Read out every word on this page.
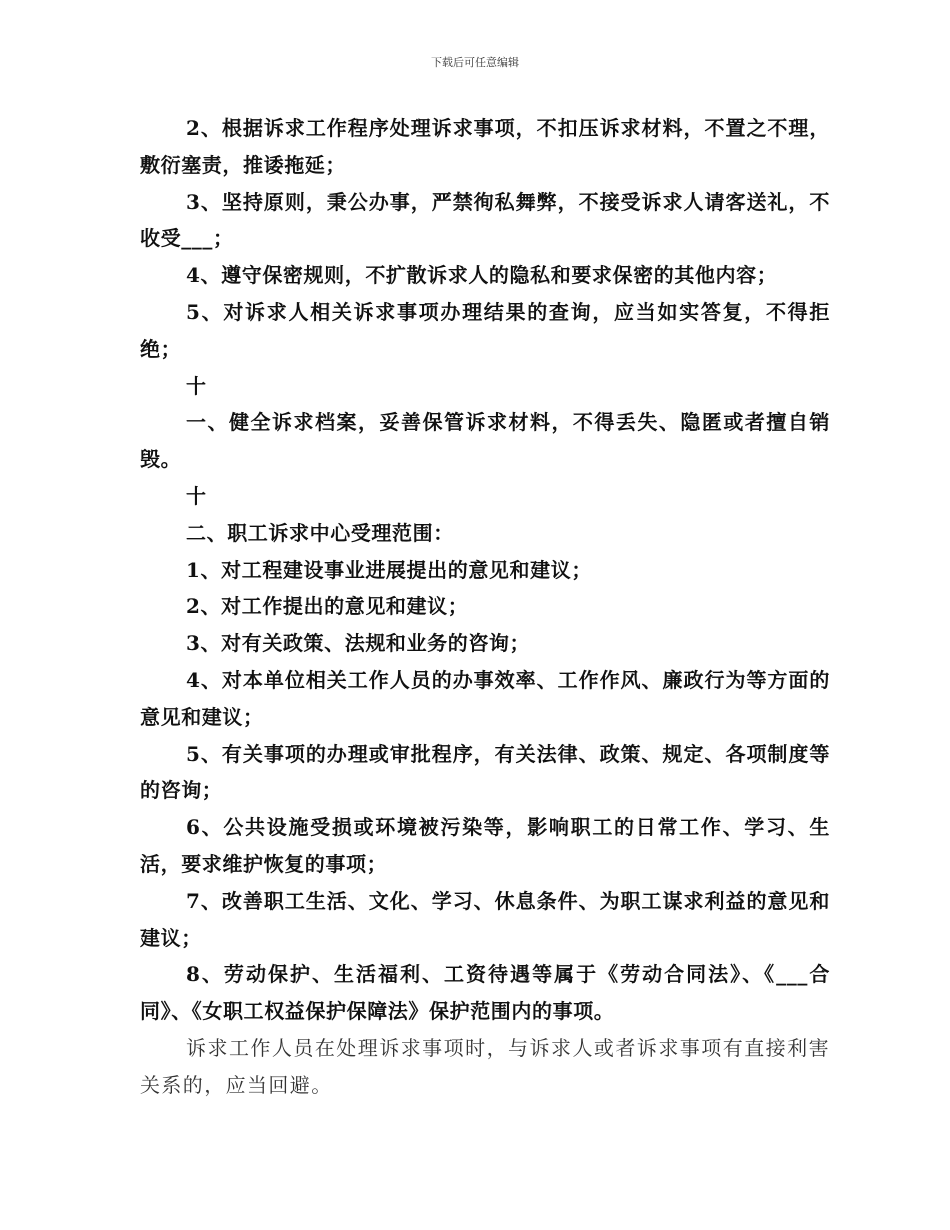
下载后可任意编辑

2、根据诉求工作程序处理诉求事项，不扣压诉求材料，不置之不理，敷衍塞责，推诿拖延；

3、坚持原则，秉公办事，严禁徇私舞弊，不接受诉求人请客送礼，不收受___；

4、遵守保密规则，不扩散诉求人的隐私和要求保密的其他内容；

5、对诉求人相关诉求事项办理结果的查询，应当如实答复，不得拒绝；

十

一、健全诉求档案，妥善保管诉求材料，不得丢失、隐匿或者擅自销毁。

十

二、职工诉求中心受理范围：

1、对工程建设事业进展提出的意见和建议；

2、对工作提出的意见和建议；

3、对有关政策、法规和业务的咨询；

4、对本单位相关工作人员的办事效率、工作作风、廉政行为等方面的意见和建议；

5、有关事项的办理或审批程序，有关法律、政策、规定、各项制度等的咨询；

6、公共设施受损或环境被污染等，影响职工的日常工作、学习、生活，要求维护恢复的事项；

7、改善职工生活、文化、学习、休息条件、为职工谋求利益的意见和建议；

8、劳动保护、生活福利、工资待遇等属于《劳动合同法》、《___合同》、《女职工权益保护保障法》保护范围内的事项。

诉求工作人员在处理诉求事项时，与诉求人或者诉求事项有直接利害关系的，应当回避。
